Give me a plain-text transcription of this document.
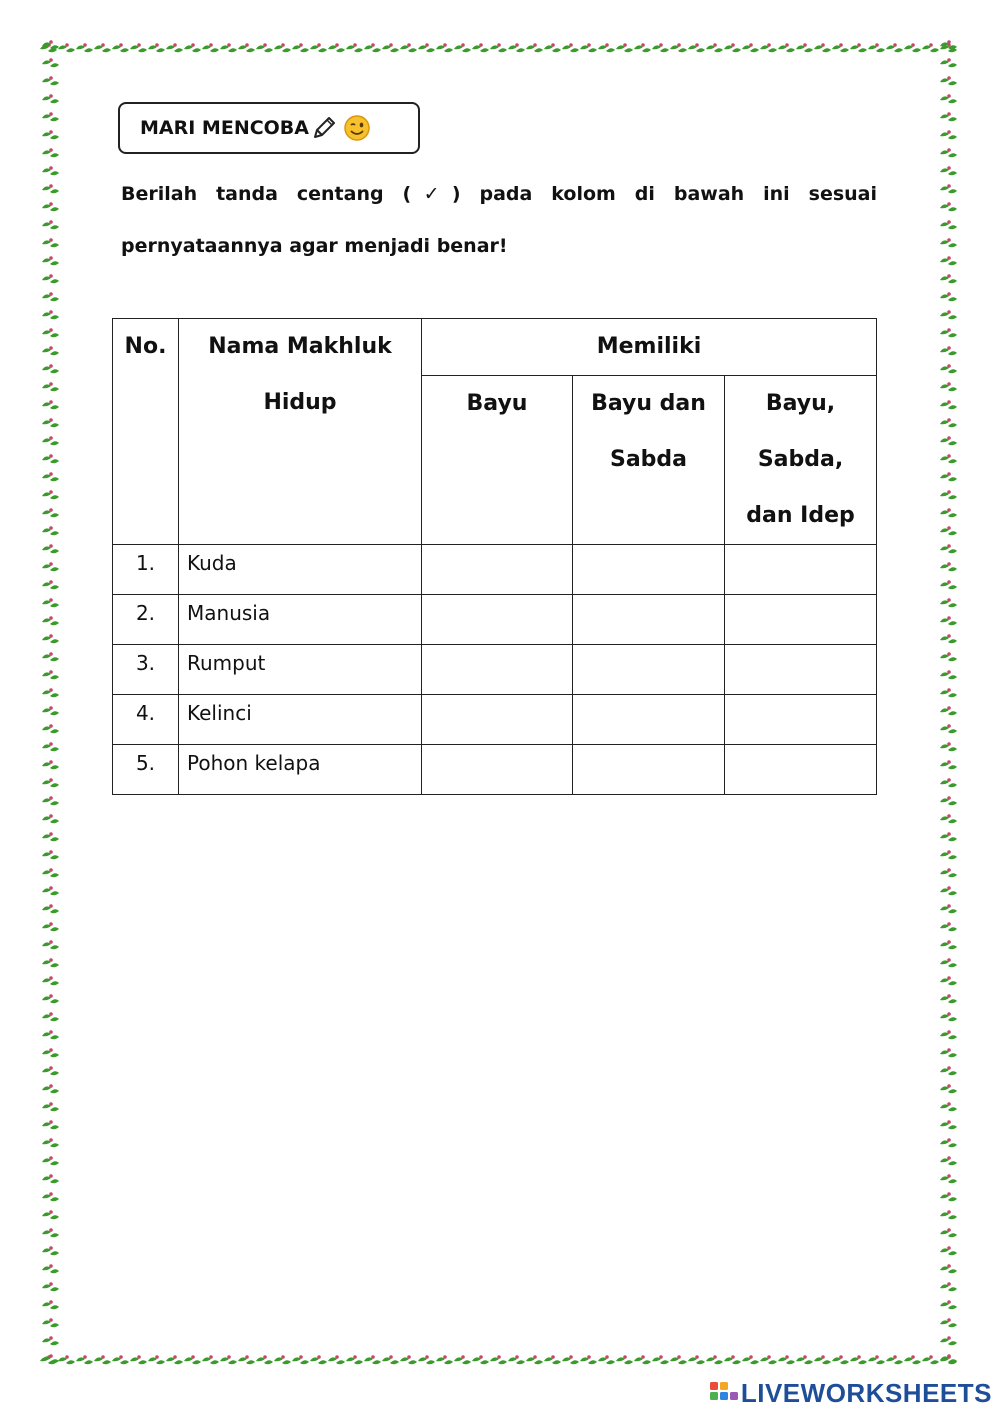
MARI MENCOBA
Berilah tanda centang (✓) pada kolom di bawah ini sesuai pernyataannya agar menjadi benar!
No.	Nama Makhluk Hidup	Memiliki		
		Bayu	Bayu dan Sabda	Bayu, Sabda, dan Idep
1.	Kuda			
2.	Manusia			
3.	Rumput			
4.	Kelinci			
5.	Pohon kelapa			
LIVEWORKSHEETS
